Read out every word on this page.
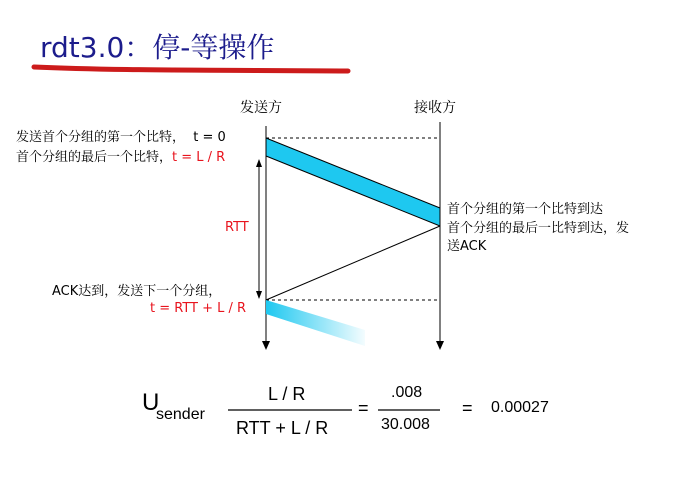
rdt3.0：停-等操作
发送方	接收方
发送首个分组的第一个比特， t = 0
首个分组的最后一个比特，t = L / R
RTT
ACK达到，发送下一个分组，
t = RTT + L / R
首个分组的第一个比特到达
首个分组的最后一比特到达，发
送ACK
U
sender
L / R
RTT + L / R
=
.008
30.008
= 0.00027
